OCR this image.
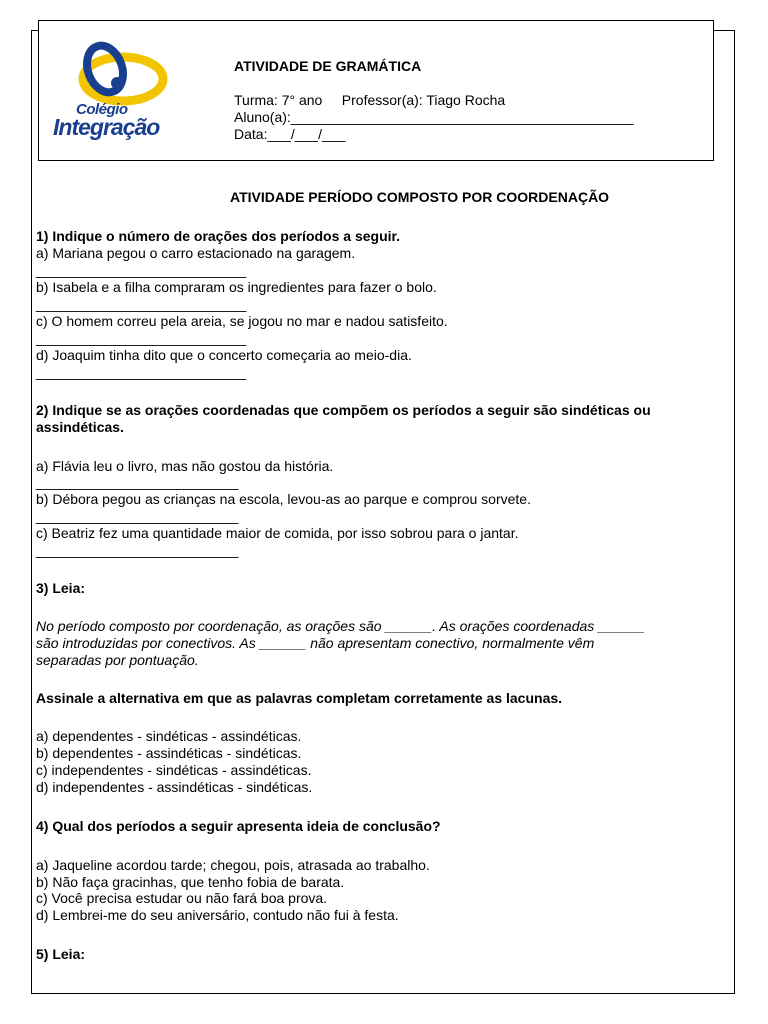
Colégio
Integração
ATIVIDADE DE GRAMÁTICA
Turma: 7° ano     Professor(a): Tiago Rocha
Aluno(a):____________________________________________
Data:___/___/___
ATIVIDADE PERÍODO COMPOSTO POR COORDENAÇÃO
1) Indique o número de orações dos períodos a seguir.
a) Mariana pegou o carro estacionado na garagem.
___________________________
b) Isabela e a filha compraram os ingredientes para fazer o bolo.
___________________________
c) O homem correu pela areia, se jogou no mar e nadou satisfeito.
___________________________
d) Joaquim tinha dito que o concerto começaria ao meio-dia.
___________________________
2) Indique se as orações coordenadas que compõem os períodos a seguir são sindéticas ou
assindéticas.
a) Flávia leu o livro, mas não gostou da história.
__________________________
b) Débora pegou as crianças na escola, levou-as ao parque e comprou sorvete.
__________________________
c) Beatriz fez uma quantidade maior de comida, por isso sobrou para o jantar.
__________________________
3) Leia:
No período composto por coordenação, as orações são ______. As orações coordenadas ______
são introduzidas por conectivos. As ______ não apresentam conectivo, normalmente vêm
separadas por pontuação.
Assinale a alternativa em que as palavras completam corretamente as lacunas.
a) dependentes - sindéticas - assindéticas.
b) dependentes - assindéticas - sindéticas.
c) independentes - sindéticas - assindéticas.
d) independentes - assindéticas - sindéticas.
4) Qual dos períodos a seguir apresenta ideia de conclusão?
a) Jaqueline acordou tarde; chegou, pois, atrasada ao trabalho.
b) Não faça gracinhas, que tenho fobia de barata.
c) Você precisa estudar ou não fará boa prova.
d) Lembrei-me do seu aniversário, contudo não fui à festa.
5) Leia:
